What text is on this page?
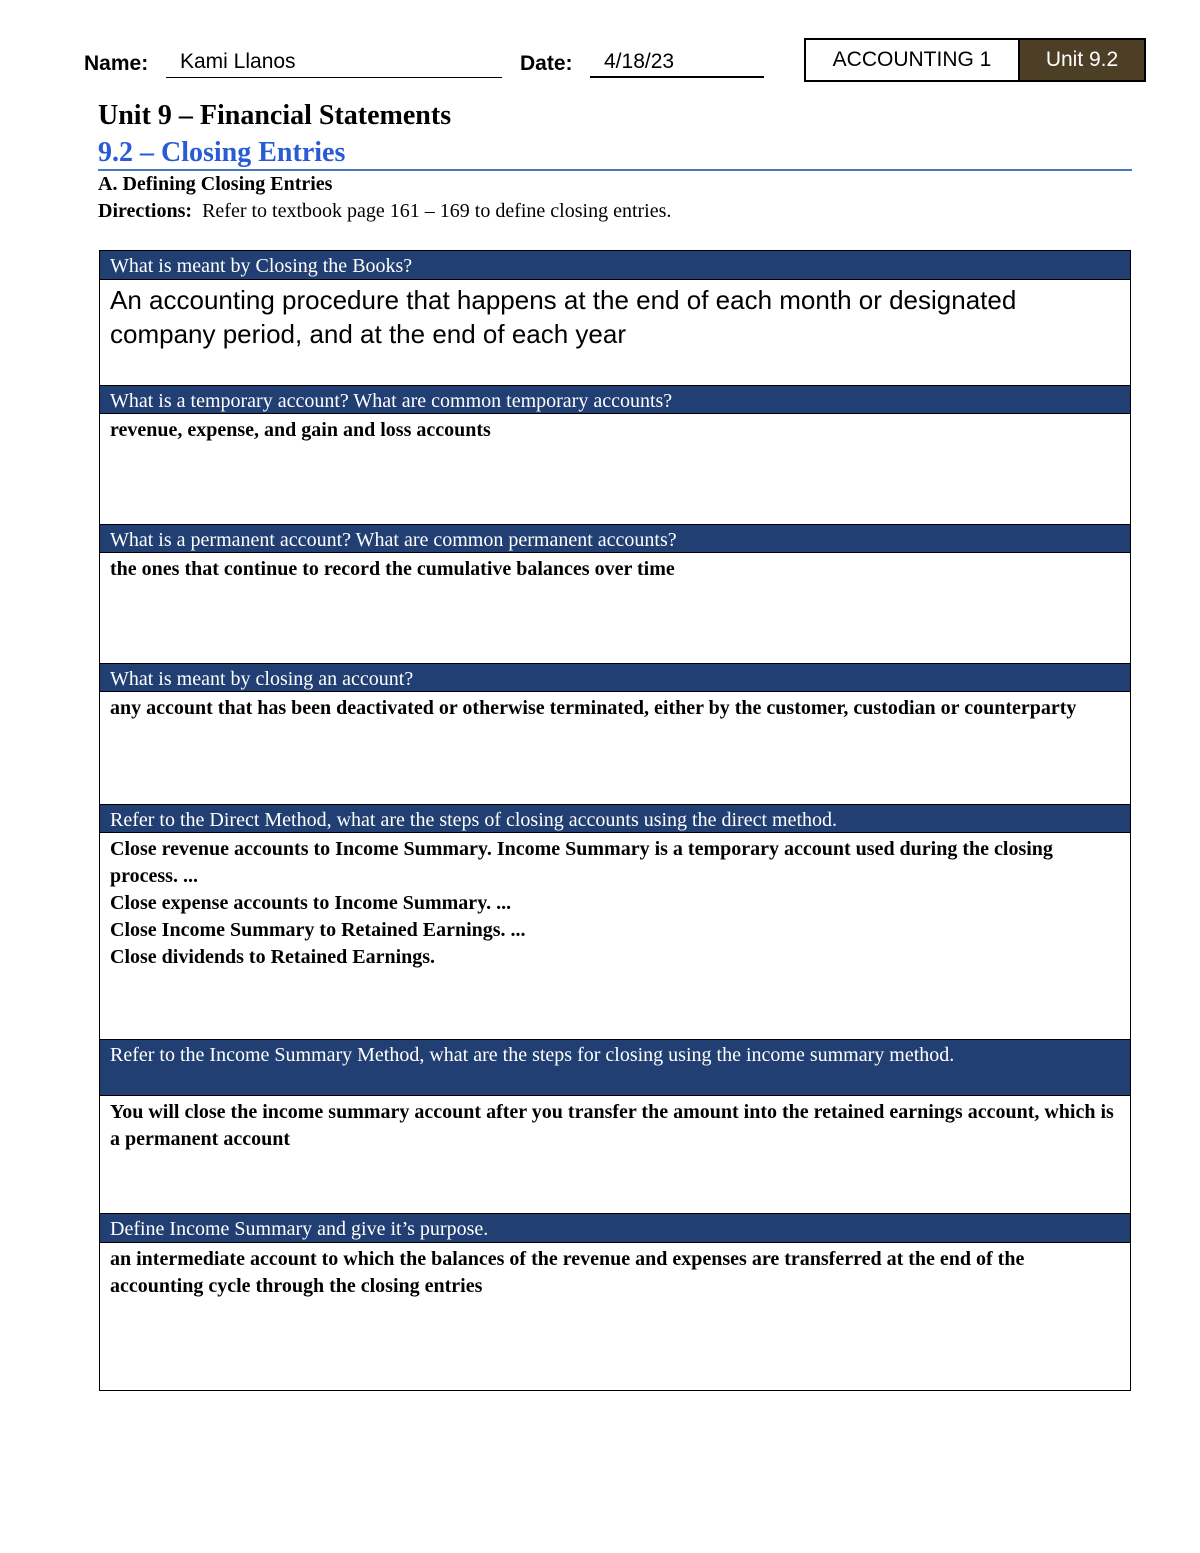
Name:	Kami Llanos	Date:	4/18/23	ACCOUNTING 1	Unit 9.2
Unit 9 – Financial Statements
9.2 – Closing Entries
A. Defining Closing Entries
Directions: Refer to textbook page 161 – 169 to define closing entries.
What is meant by Closing the Books?
An accounting procedure that happens at the end of each month or designated company period, and at the end of each year
What is a temporary account? What are common temporary accounts?
revenue, expense, and gain and loss accounts
What is a permanent account? What are common permanent accounts?
the ones that continue to record the cumulative balances over time
What is meant by closing an account?
any account that has been deactivated or otherwise terminated, either by the customer, custodian or counterparty
Refer to the Direct Method, what are the steps of closing accounts using the direct method.
Close revenue accounts to Income Summary. Income Summary is a temporary account used during the closing process. ...
Close expense accounts to Income Summary. ...
Close Income Summary to Retained Earnings. ...
Close dividends to Retained Earnings.
Refer to the Income Summary Method, what are the steps for closing using the income summary method.
You will close the income summary account after you transfer the amount into the retained earnings account, which is a permanent account
Define Income Summary and give it’s purpose.
an intermediate account to which the balances of the revenue and expenses are transferred at the end of the accounting cycle through the closing entries
